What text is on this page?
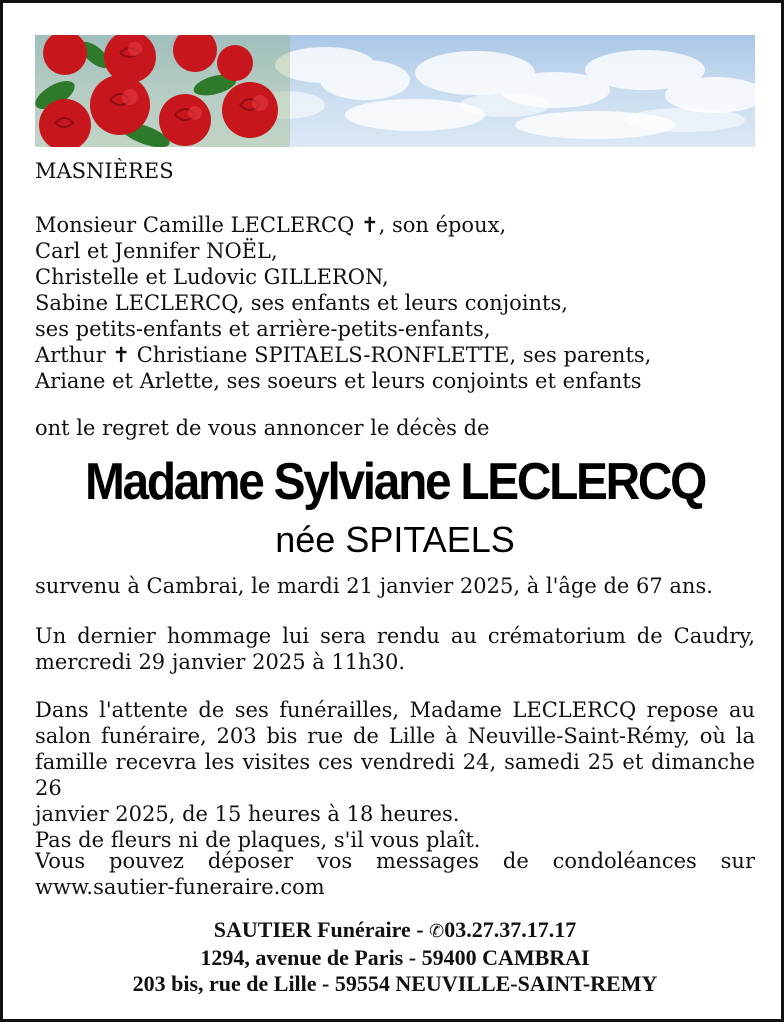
MASNIÈRES
Monsieur Camille LECLERCQ ✝, son époux,
Carl et Jennifer NOËL,
Christelle et Ludovic GILLERON,
Sabine LECLERCQ, ses enfants et leurs conjoints,
ses petits-enfants et arrière-petits-enfants,
Arthur ✝ Christiane SPITAELS-RONFLETTE, ses parents,
Ariane et Arlette, ses soeurs et leurs conjoints et enfants
ont le regret de vous annoncer le décès de
Madame Sylviane LECLERCQ
née SPITAELS
survenu à Cambrai, le mardi 21 janvier 2025, à l'âge de 67 ans.
Un dernier hommage lui sera rendu au crématorium de Caudry,
mercredi 29 janvier 2025 à 11h30.
Dans l'attente de ses funérailles, Madame LECLERCQ repose au
salon funéraire, 203 bis rue de Lille à Neuville-Saint-Rémy, où la
famille recevra les visites ces vendredi 24, samedi 25 et dimanche 26
janvier 2025, de 15 heures à 18 heures.
Pas de fleurs ni de plaques, s'il vous plaît.
Vous pouvez déposer vos messages de condoléances sur
www.sautier-funeraire.com
SAUTIER Funéraire - ✆03.27.37.17.17
1294, avenue de Paris - 59400 CAMBRAI
203 bis, rue de Lille - 59554 NEUVILLE-SAINT-REMY
